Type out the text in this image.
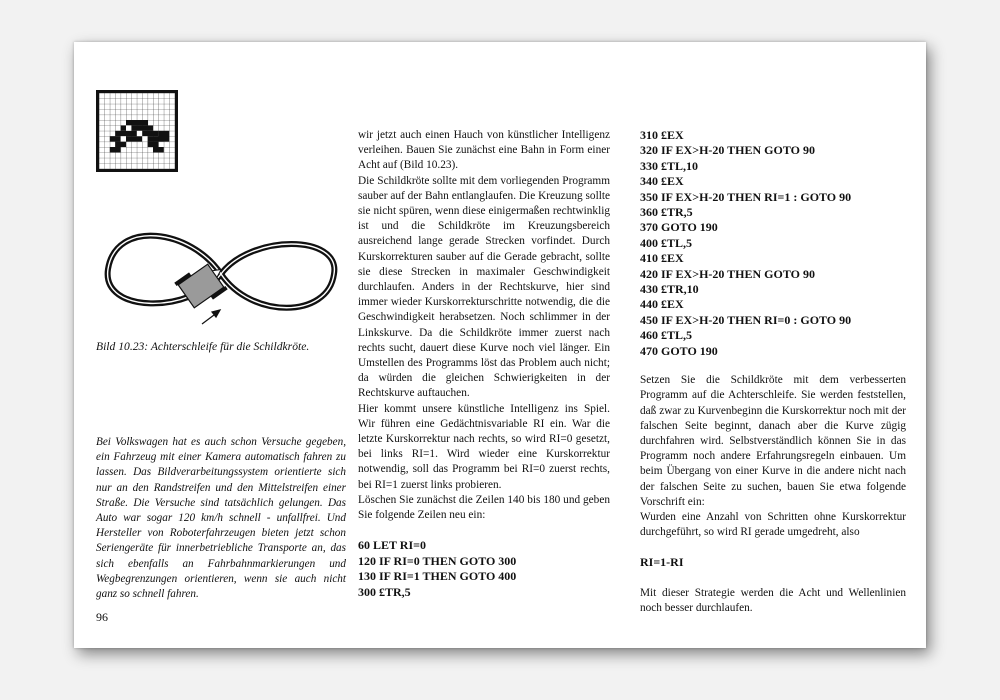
Bild 10.23: Achterschleife für die Schildkröte.

Bei Volkswagen hat es auch schon Versuche gegeben, ein Fahrzeug mit einer Kamera automatisch fahren zu lassen. Das Bildverarbeitungssystem orientierte sich nur an den Randstreifen und den Mittelstreifen einer Straße. Die Versuche sind tatsächlich gelungen. Das Auto war sogar 120 km/h schnell - unfallfrei. Und Hersteller von Roboterfahrzeugen bieten jetzt schon Seriengeräte für innerbetriebliche Transporte an, das sich ebenfalls an Fahrbahnmarkierungen und Wegbegrenzungen orientieren, wenn sie auch nicht ganz so schnell fahren.

96

wir jetzt auch einen Hauch von künstlicher Intelligenz verleihen. Bauen Sie zunächst eine Bahn in Form einer Acht auf (Bild 10.23).

Die Schildkröte sollte mit dem vorliegenden Programm sauber auf der Bahn entlanglaufen. Die Kreuzung sollte sie nicht spüren, wenn diese einigermaßen rechtwinklig ist und die Schildkröte im Kreuzungsbereich ausreichend lange gerade Strecken vorfindet. Durch Kurskorrekturen sauber auf die Gerade gebracht, sollte sie diese Strecken in maximaler Geschwindigkeit durchlaufen. Anders in der Rechtskurve, hier sind immer wieder Kurskorrekturschritte notwendig, die die Geschwindigkeit herabsetzen. Noch schlimmer in der Linkskurve. Da die Schildkröte immer zuerst nach rechts sucht, dauert diese Kurve noch viel länger. Ein Umstellen des Programms löst das Problem auch nicht; da würden die gleichen Schwierigkeiten in der Rechtskurve auftauchen.

Hier kommt unsere künstliche Intelligenz ins Spiel. Wir führen eine Gedächtnisvariable RI ein. War die letzte Kurskorrektur nach rechts, so wird RI=0 gesetzt, bei links RI=1. Wird wieder eine Kurskorrektur notwendig, soll das Programm bei RI=0 zuerst rechts, bei RI=1 zuerst links probieren.

Löschen Sie zunächst die Zeilen 140 bis 180 und geben Sie folgende Zeilen neu ein:

60 LET RI=0
120 IF RI=0 THEN GOTO 300
130 IF RI=1 THEN GOTO 400
300 £TR,5
310 £EX
320 IF EX>H-20 THEN GOTO 90
330 £TL,10
340 £EX
350 IF EX>H-20 THEN RI=1 : GOTO 90
360 £TR,5
370 GOTO 190
400 £TL,5
410 £EX
420 IF EX>H-20 THEN GOTO 90
430 £TR,10
440 £EX
450 IF EX>H-20 THEN RI=0 : GOTO 90
460 £TL,5
470 GOTO 190

Setzen Sie die Schildkröte mit dem verbesserten Programm auf die Achterschleife. Sie werden feststellen, daß zwar zu Kurvenbeginn die Kurskorrektur noch mit der falschen Seite beginnt, danach aber die Kurve zügig durchfahren wird. Selbstverständlich können Sie in das Programm noch andere Erfahrungsregeln einbauen. Um beim Übergang von einer Kurve in die andere nicht nach der falschen Seite zu suchen, bauen Sie etwa folgende Vorschrift ein:

Wurden eine Anzahl von Schritten ohne Kurskorrektur durchgeführt, so wird RI gerade umgedreht, also

RI=1-RI

Mit dieser Strategie werden die Acht und Wellenlinien noch besser durchlaufen.
